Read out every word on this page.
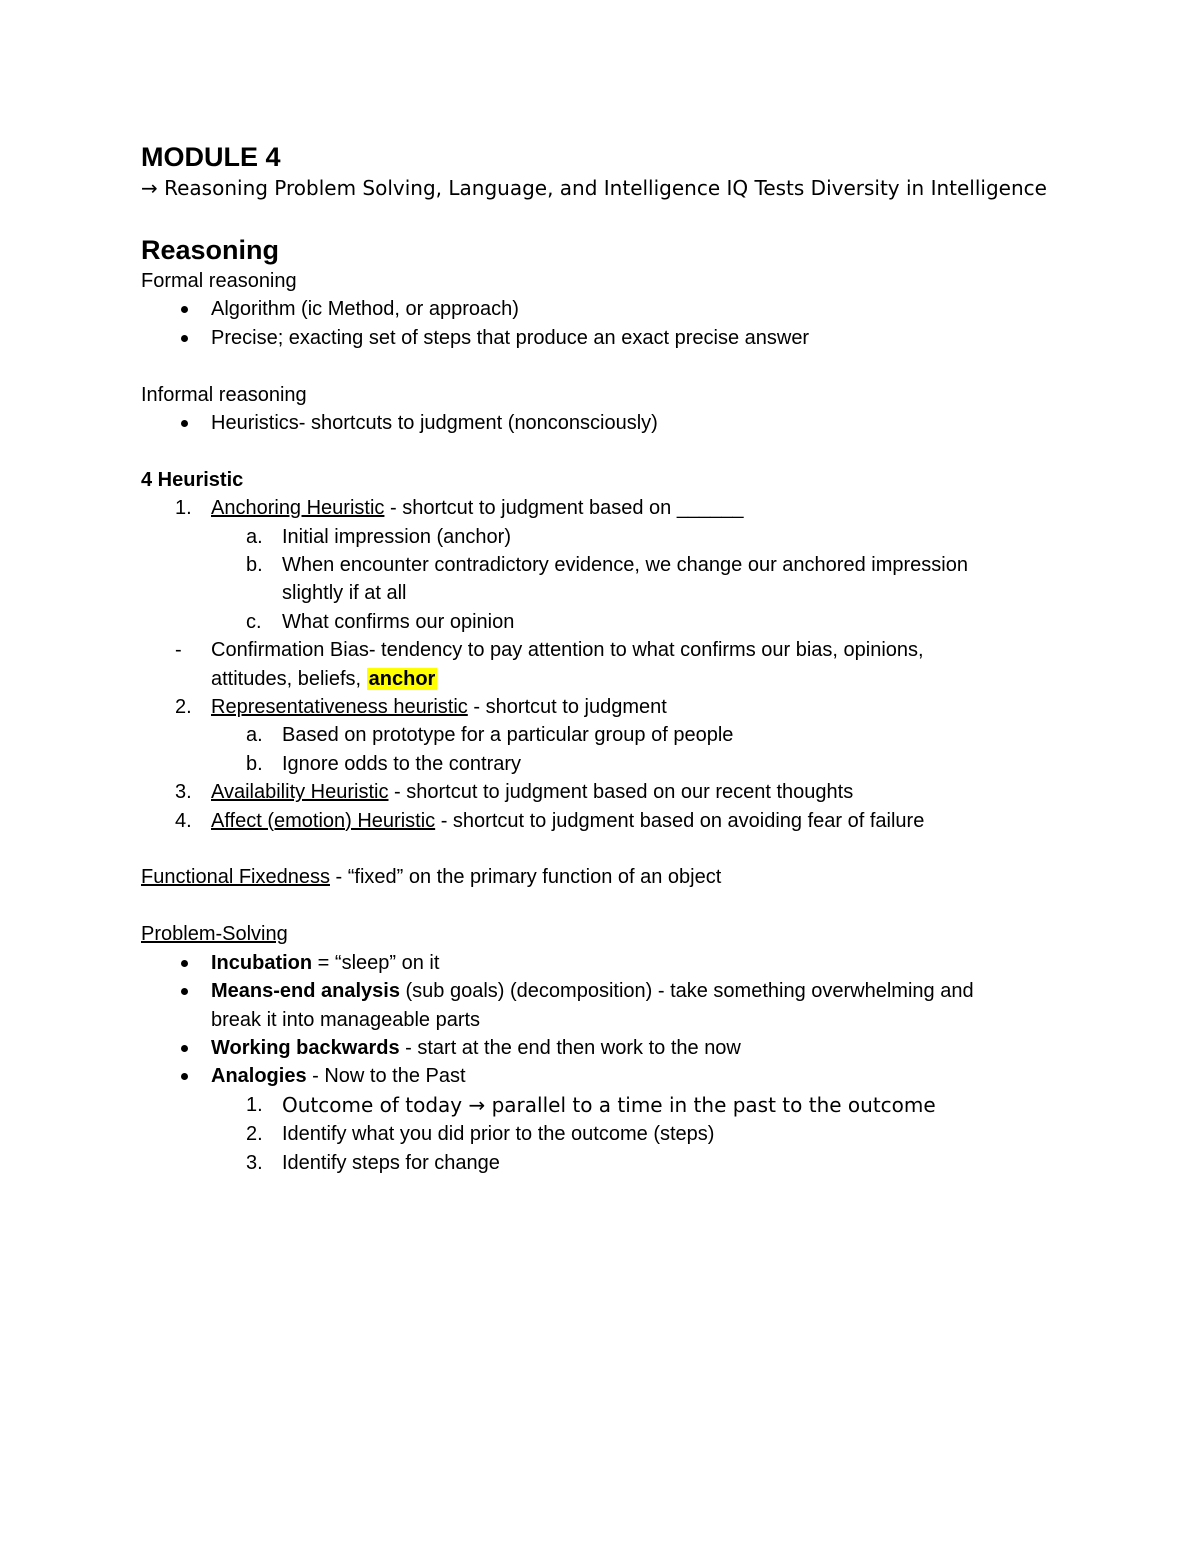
MODULE 4

→ Reasoning Problem Solving, Language, and Intelligence IQ Tests Diversity in Intelligence

Reasoning

Formal reasoning

Algorithm (ic Method, or approach)
Precise; exacting set of steps that produce an exact precise answer

Informal reasoning

Heuristics- shortcuts to judgment (nonconsciously)

4 Heuristic

1. Anchoring Heuristic - shortcut to judgment based on ______
a. Initial impression (anchor)
b. When encounter contradictory evidence, we change our anchored impression
slightly if at all
c. What confirms our opinion
- Confirmation Bias- tendency to pay attention to what confirms our bias, opinions,
attitudes, beliefs, anchor
2. Representativeness heuristic - shortcut to judgment
a. Based on prototype for a particular group of people
b. Ignore odds to the contrary
3. Availability Heuristic - shortcut to judgment based on our recent thoughts
4. Affect (emotion) Heuristic - shortcut to judgment based on avoiding fear of failure

Functional Fixedness - “fixed” on the primary function of an object

Problem-Solving

Incubation = “sleep” on it
Means-end analysis (sub goals) (decomposition) - take something overwhelming and
break it into manageable parts
Working backwards - start at the end then work to the now
Analogies - Now to the Past
1. Outcome of today → parallel to a time in the past to the outcome
2. Identify what you did prior to the outcome (steps)
3. Identify steps for change
